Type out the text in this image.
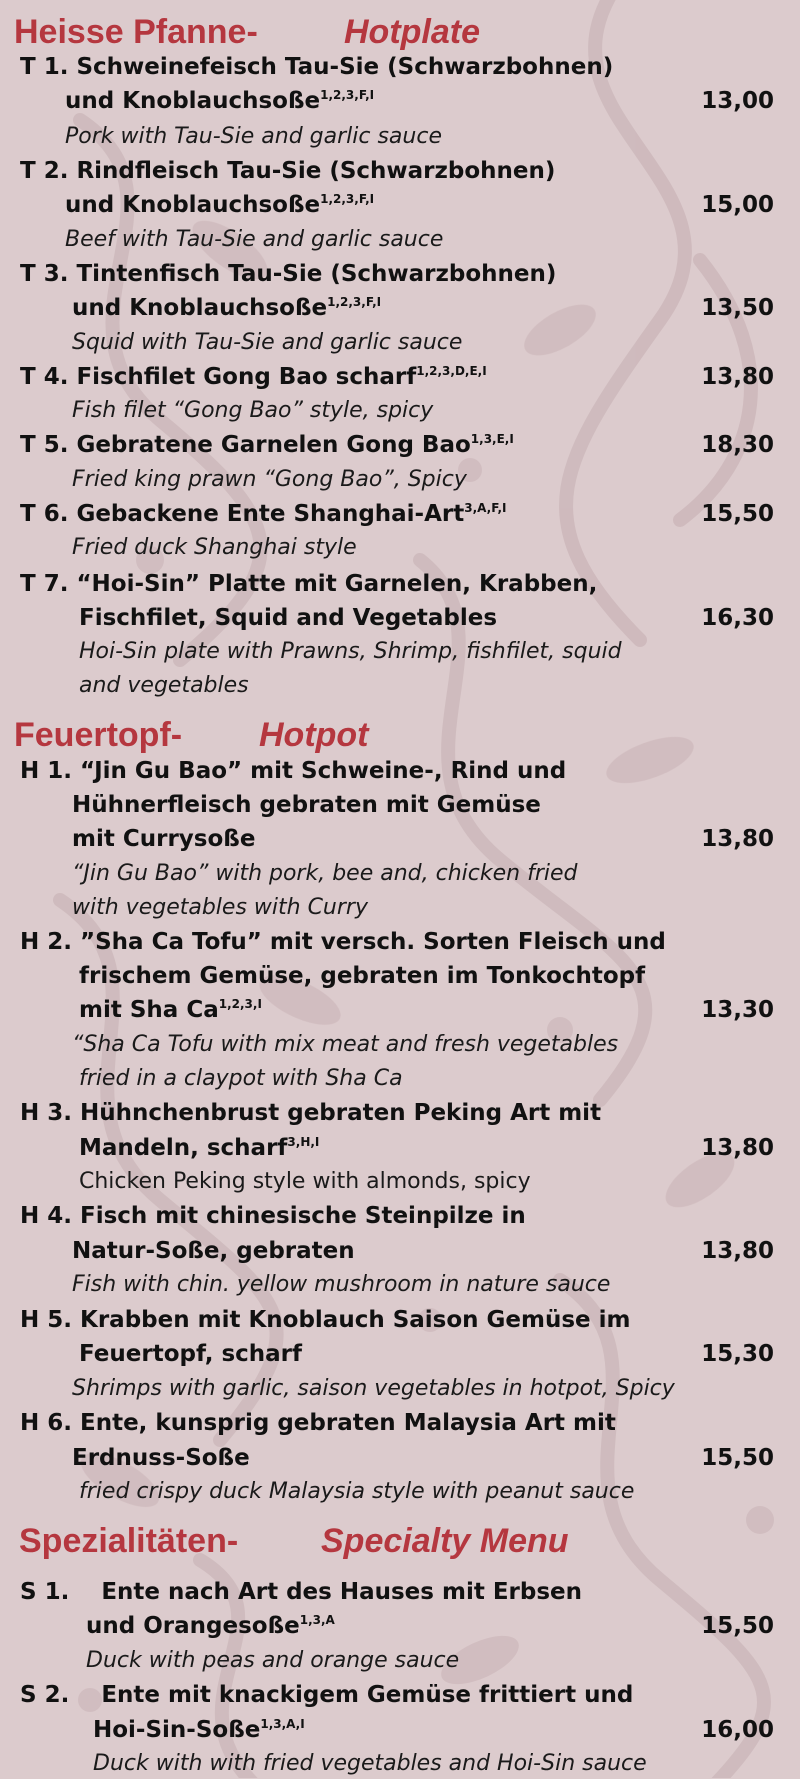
Heisse Pfanne-	Hotplate
T 1. Schweinefeisch Tau-Sie (Schwarzbohnen)
und Knoblauchsoße$^{1,2,3,F,I}$	13,00
Pork with Tau-Sie and garlic sauce
T 2. Rindfleisch Tau-Sie (Schwarzbohnen)
und Knoblauchsoße$^{1,2,3,F,I}$	15,00
Beef with Tau-Sie and garlic sauce
T 3. Tintenfisch Tau-Sie (Schwarzbohnen)
und Knoblauchsoße$^{1,2,3,F,I}$	13,50
Squid with Tau-Sie and garlic sauce
T 4. Fischfilet Gong Bao scharf$^{1,2,3,D,E,I}$	13,80
Fish filet “Gong Bao” style, spicy
T 5. Gebratene Garnelen Gong Bao$^{1,3,E,I}$	18,30
Fried king prawn “Gong Bao”, Spicy
T 6. Gebackene Ente Shanghai-Art$^{3,A,F,I}$	15,50
Fried duck Shanghai style
T 7. “Hoi-Sin” Platte mit Garnelen, Krabben,
Fischfilet, Squid and Vegetables	16,30
Hoi-Sin plate with Prawns, Shrimp, fishfilet, squid
and vegetables
Feuertopf- Hotpot
H 1. “Jin Gu Bao” mit Schweine-, Rind und
Hühnerfleisch gebraten mit Gemüse
mit Currysoße	13,80
“Jin Gu Bao” with pork, bee and, chicken fried
with vegetables with Curry
H 2. ”Sha Ca Tofu” mit versch. Sorten Fleisch und
frischem Gemüse, gebraten im Tonkochtopf
mit Sha $Ca^{1,2,3,I}$	13,30
“Sha Ca Tofu with mix meat and fresh vegetables
fried in a claypot with Sha Ca
H 3. Hühnchenbrust gebraten Peking Art mit
Mandeln, scharf$^{3,H,I}$	13,80
Chicken Peking style with almonds, spicy
H 4. Fisch mit chinesische Steinpilze in
Natur-Soße, gebraten	13,80
Fish with chin. yellow mushroom in nature sauce
H 5. Krabben mit Knoblauch Saison Gemüse im
Feuertopf, scharf	15,30
Shrimps with garlic, saison vegetables in hotpot, Spicy
H 6. Ente, kunsprig gebraten Malaysia Art mit
Erdnuss-Soße	15,50
fried crispy duck Malaysia style with peanut sauce
Spezialitäten- Specialty Menu
S 1.    Ente nach Art des Hauses mit Erbsen
und Orangesoße$^{1,3,A}$	15,50
Duck with peas and orange sauce
S 2.    Ente mit knackigem Gemüse frittiert und
Hoi-Sin-Soße$^{1,3,A,I}$	16,00
Duck with with fried vegetables and Hoi-Sin sauce
